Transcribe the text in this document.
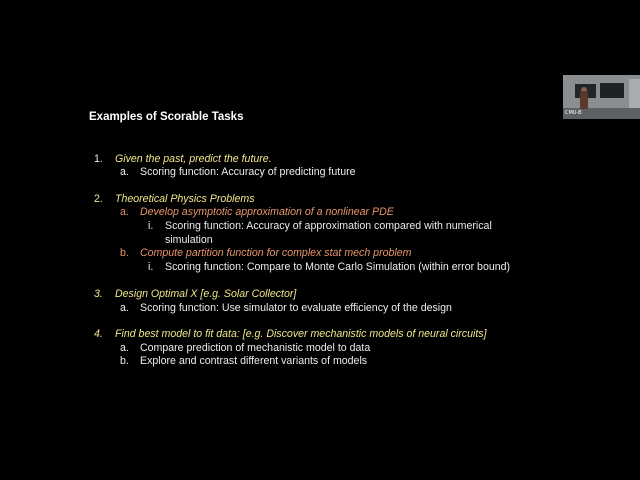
Examples of Scorable Tasks
1. Given the past, predict the future.
a. Scoring function: Accuracy of predicting future
2. Theoretical Physics Problems
a. Develop asymptotic approximation of a nonlinear PDE
i. Scoring function: Accuracy of approximation compared with numerical
simulation
b. Compute partition function for complex stat mech problem
i. Scoring function: Compare to Monte Carlo Simulation (within error bound)
3. Design Optimal X [e.g. Solar Collector]
a. Scoring function: Use simulator to evaluate efficiency of the design
4. Find best model to fit data: [e.g. Discover mechanistic models of neural circuits]
a. Compare prediction of mechanistic model to data
b. Explore and contrast different variants of models
CMU-B
